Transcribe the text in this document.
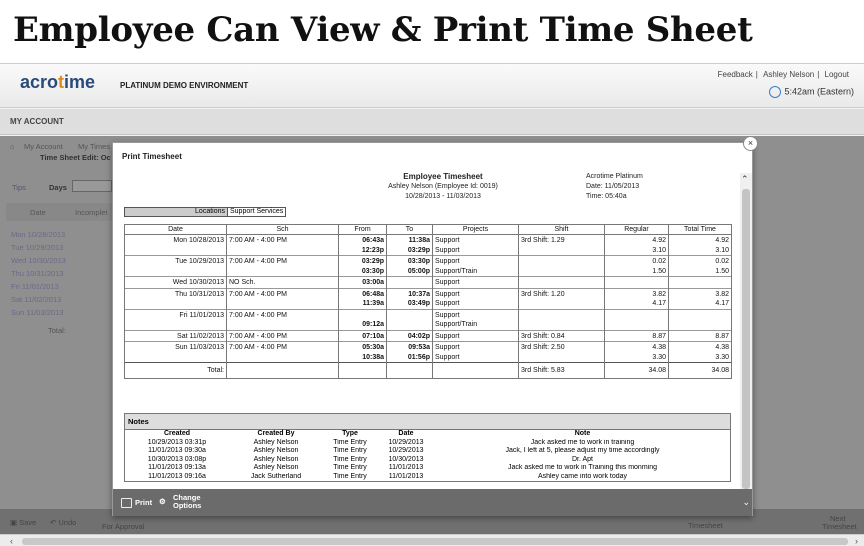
Employee Can View & Print Time Sheet
acrotime	PLATINUM DEMO ENVIRONMENT
Feedback | Ashley Nelson | Logout
5:42am (Eastern)
MY ACCOUNT
⌂ My Account My Times
Time Sheet Edit: Oc
Tips	Days
Date	Incomplet
Mon 10/28/2013
Tue 10/29/2013
Wed 10/30/2013
Thu 10/31/2013
Fri 11/01/2013
Sat 11/02/2013
Sun 11/03/2013
Total:
▣ Save ↶ Undo	For Approval	Timesheet
Next
Timesheet
‹	›
×
Print Timesheet
Employee Timesheet
Ashley Nelson (Employee Id: 0019)
10/28/2013 - 11/03/2013
Acrotime Platinum
Date: 11/05/2013
Time: 05:40a
Locations Support Services
Date	Sch	From	To	Projects	Shift	Regular	Total Time
Mon 10/28/2013	7:00 AM - 4:00 PM	06:43a	11:38a	Support	3rd Shift: 1.29	4.92	4.92
		12:23p	03:29p	Support		3.10	3.10
Tue 10/29/2013	7:00 AM - 4:00 PM	03:29p	03:30p	Support		0.02	0.02
		03:30p	05:00p	Support/Train		1.50	1.50
Wed 10/30/2013	NO Sch.	03:00a		Support			
Thu 10/31/2013	7:00 AM - 4:00 PM	06:48a	10:37a	Support	3rd Shift: 1.20	3.82	3.82
		11:39a	03:49p	Support		4.17	4.17
Fri 11/01/2013	7:00 AM - 4:00 PM			Support			
		09:12a		Support/Train			
Sat 11/02/2013	7:00 AM - 4:00 PM	07:10a	04:02p	Support	3rd Shift: 0.84	8.87	8.87
Sun 11/03/2013	7:00 AM - 4:00 PM	05:30a	09:53a	Support	3rd Shift: 2.50	4.38	4.38
		10:38a	01:56p	Support		3.30	3.30
Total:					3rd Shift: 5.83	34.08	34.08
Notes
Created	Created By	Type	Date	Note
10/29/2013 03:31p	Ashley Nelson	Time Entry	10/29/2013	Jack asked me to work in training
11/01/2013 09:30a	Ashley Nelson	Time Entry	10/29/2013	Jack, I left at 5, please adjust my time accordingly
10/30/2013 03:08p	Ashley Nelson	Time Entry	10/30/2013	Dr. Apt
11/01/2013 09:13a	Ashley Nelson	Time Entry	11/01/2013	Jack asked me to work in Training this monming
11/01/2013 09:16a	Jack Sutherland	Time Entry	11/01/2013	Ashley came into work today
⌃
Print ⚙ Change
Options	⌄
